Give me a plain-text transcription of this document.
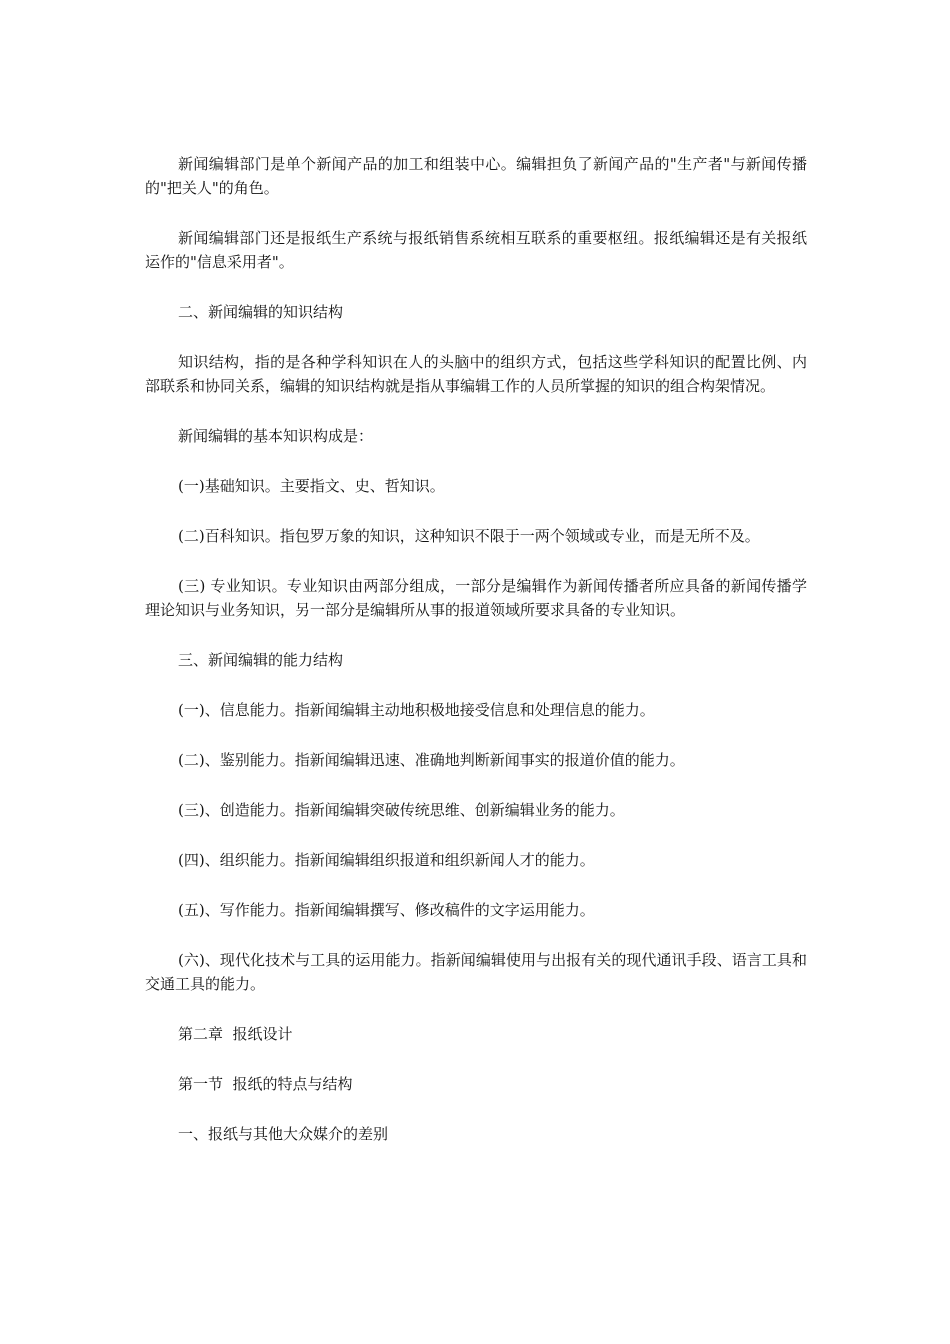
新闻编辑部门是单个新闻产品的加工和组装中心。编辑担负了新闻产品的"生产者"与新闻传播的"把关人"的角色。

新闻编辑部门还是报纸生产系统与报纸销售系统相互联系的重要枢纽。报纸编辑还是有关报纸运作的"信息采用者"。

二、新闻编辑的知识结构

知识结构，指的是各种学科知识在人的头脑中的组织方式，包括这些学科知识的配置比例、内部联系和协同关系，编辑的知识结构就是指从事编辑工作的人员所掌握的知识的组合构架情况。

新闻编辑的基本知识构成是：

(一)基础知识。主要指文、史、哲知识。

(二)百科知识。指包罗万象的知识，这种知识不限于一两个领域或专业，而是无所不及。

(三) 专业知识。专业知识由两部分组成，一部分是编辑作为新闻传播者所应具备的新闻传播学理论知识与业务知识，另一部分是编辑所从事的报道领域所要求具备的专业知识。

三、新闻编辑的能力结构

(一)、信息能力。指新闻编辑主动地积极地接受信息和处理信息的能力。

(二)、鉴别能力。指新闻编辑迅速、准确地判断新闻事实的报道价值的能力。

(三)、创造能力。指新闻编辑突破传统思维、创新编辑业务的能力。

(四)、组织能力。指新闻编辑组织报道和组织新闻人才的能力。

(五)、写作能力。指新闻编辑撰写、修改稿件的文字运用能力。

(六)、现代化技术与工具的运用能力。指新闻编辑使用与出报有关的现代通讯手段、语言工具和交通工具的能力。

第二章  报纸设计

第一节  报纸的特点与结构

一、报纸与其他大众媒介的差别
